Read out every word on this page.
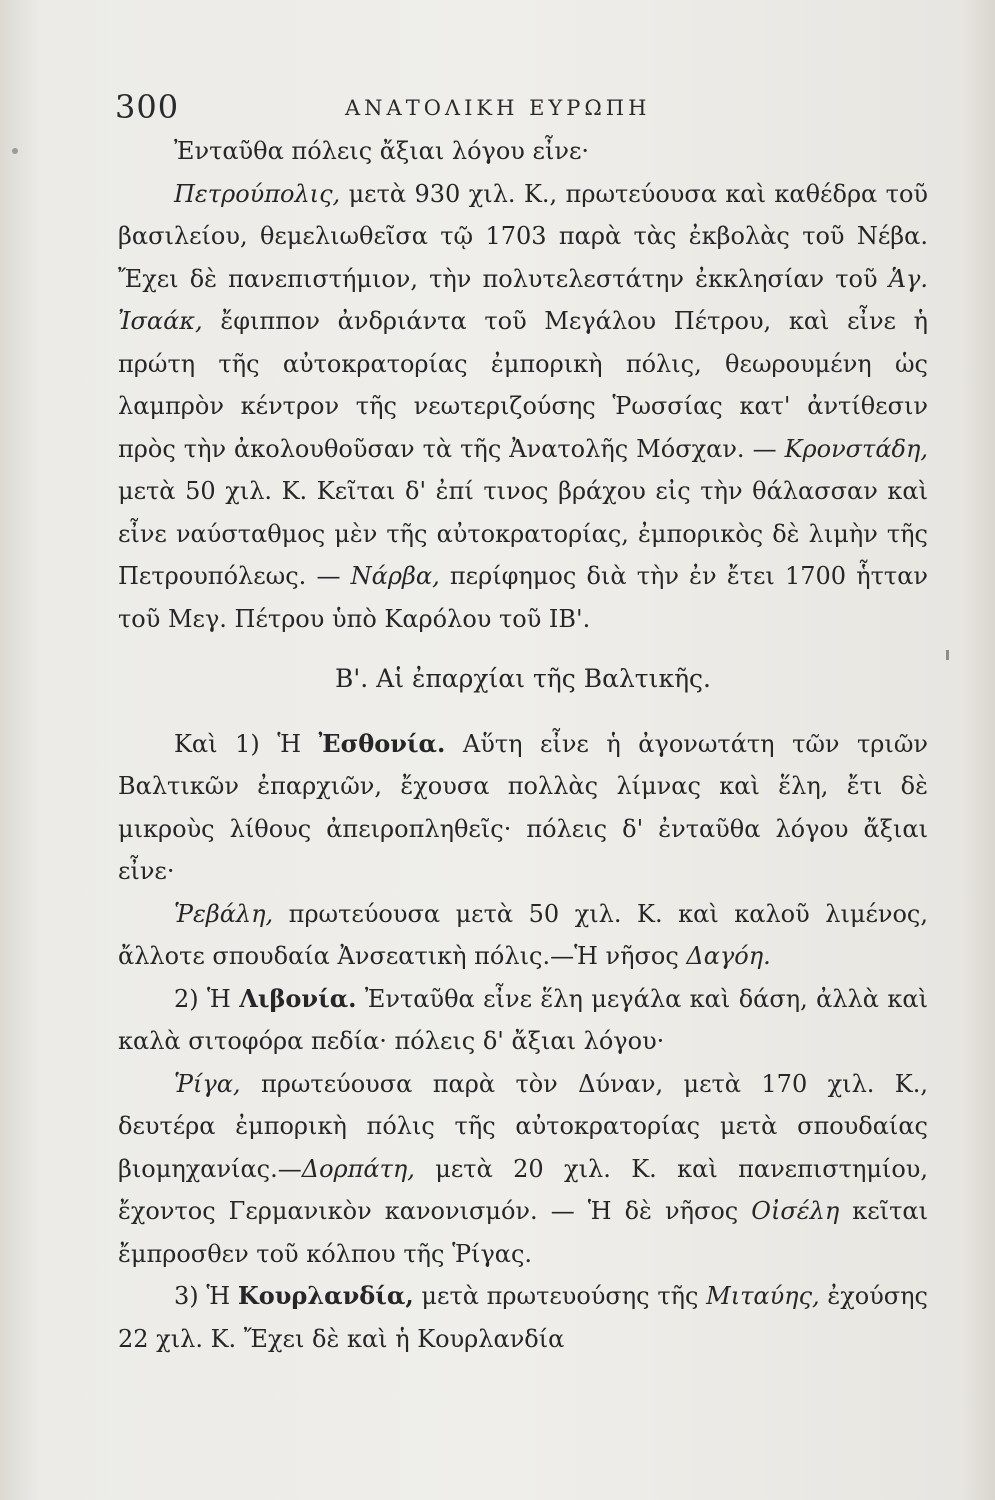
300	ΑΝΑΤΟΛΙΚΗ ΕΥΡΩΠΗ

Ἐνταῦθα πόλεις ἄξιαι λόγου εἶνε·

Πετρούπολις, μετὰ 930 χιλ. Κ., πρωτεύουσα καὶ καθέδρα τοῦ βασιλείου, θεμελιωθεῖσα τῷ 1703 παρὰ τὰς ἐκβολὰς τοῦ Νέβα. Ἔχει δὲ πανεπιστήμιον, τὴν πολυτελεστάτην ἐκκλησίαν τοῦ Ἁγ. Ἰσαάκ, ἔφιππον ἀνδριάντα τοῦ Μεγάλου Πέτρου, καὶ εἶνε ἡ πρώτη τῆς αὐτοκρατορίας ἐμπορικὴ πόλις, θεωρουμένη ὡς λαμπρὸν κέντρον τῆς νεωτεριζούσης Ῥωσσίας κατ' ἀντίθεσιν πρὸς τὴν ἀκολουθοῦσαν τὰ τῆς Ἀνατολῆς Μόσχαν. — Κρονστάδη, μετὰ 50 χιλ. Κ. Κεῖται δ' ἐπί τινος βράχου εἰς τὴν θάλασσαν καὶ εἶνε ναύσταθμος μὲν τῆς αὐτοκρατορίας, ἐμπορικὸς δὲ λιμὴν τῆς Πετρουπόλεως. — Νάρβα, περίφημος διὰ τὴν ἐν ἔτει 1700 ἧτταν τοῦ Μεγ. Πέτρου ὑπὸ Καρόλου τοῦ ΙΒ'.

Β'. Αἱ ἐπαρχίαι τῆς Βαλτικῆς.

Καὶ 1) Ἡ Ἐσθονία. Αὕτη εἶνε ἡ ἀγονωτάτη τῶν τριῶν Βαλτικῶν ἐπαρχιῶν, ἔχουσα πολλὰς λίμνας καὶ ἕλη, ἔτι δὲ μικροὺς λίθους ἀπειροπληθεῖς· πόλεις δ' ἐνταῦθα λόγου ἄξιαι εἶνε·

Ῥεβάλη, πρωτεύουσα μετὰ 50 χιλ. Κ. καὶ καλοῦ λιμένος, ἄλλοτε σπουδαία Ἀνσεατικὴ πόλις.—Ἡ νῆσος Δαγόη.

2) Ἡ Λιβονία. Ἐνταῦθα εἶνε ἕλη μεγάλα καὶ δάση, ἀλλὰ καὶ καλὰ σιτοφόρα πεδία· πόλεις δ' ἄξιαι λόγου·

Ῥίγα, πρωτεύουσα παρὰ τὸν Δύναν, μετὰ 170 χιλ. Κ., δευτέρα ἐμπορικὴ πόλις τῆς αὐτοκρατορίας μετὰ σπουδαίας βιομηχανίας.—Δορπάτη, μετὰ 20 χιλ. Κ. καὶ πανεπιστημίου, ἔχοντος Γερμανικὸν κανονισμόν. — Ἡ δὲ νῆσος Οἰσέλη κεῖται ἔμπροσθεν τοῦ κόλπου τῆς Ῥίγας.

3) Ἡ Κουρλανδία, μετὰ πρωτευούσης τῆς Μιταύης, ἐχούσης 22 χιλ. Κ. Ἔχει δὲ καὶ ἡ Κουρλανδία
